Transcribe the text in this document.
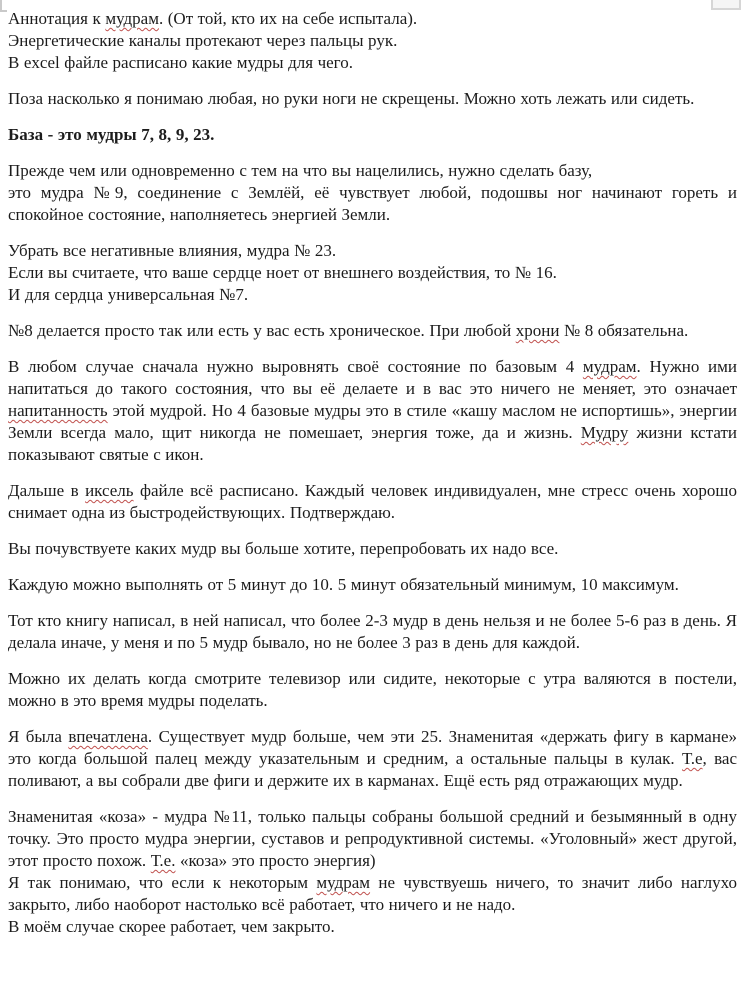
Аннотация к мудрам. (От той, кто их на себе испытала).
Энергетические каналы протекают через пальцы рук.
В excel файле расписано какие мудры для чего.

Поза насколько я понимаю любая, но руки ноги не скрещены. Можно хоть лежать или сидеть.

База - это мудры 7, 8, 9, 23.

Прежде чем или одновременно с тем на что вы нацелились, нужно сделать базу,

это мудра №9, соединение с Землёй, её чувствует любой, подошвы ног начинают гореть и спокойное состояние, наполняетесь энергией Земли.

Убрать все негативные влияния, мудра № 23.
Если вы считаете, что ваше сердце ноет от внешнего воздействия, то № 16.
И для сердца универсальная №7.

№8 делается просто так или есть у вас есть хроническое. При любой хрони № 8 обязательна.

В любом случае сначала нужно выровнять своё состояние по базовым 4 мудрам. Нужно ими напитаться до такого состояния, что вы её делаете и в вас это ничего не меняет, это означает напитанность этой мудрой. Но 4 базовые мудры это в стиле «кашу маслом не испортишь», энергии Земли всегда мало, щит никогда не помешает, энергия тоже, да и жизнь. Мудру жизни кстати показывают святые с икон.

Дальше в иксель файле всё расписано. Каждый человек индивидуален, мне стресс очень хорошо снимает одна из быстродействующих. Подтверждаю.

Вы почувствуете каких мудр вы больше хотите, перепробовать их надо все.

Каждую можно выполнять от 5 минут до 10. 5 минут обязательный минимум, 10 максимум.

Тот кто книгу написал, в ней написал, что более 2-3 мудр в день нельзя и не более 5-6 раз в день. Я делала иначе, у меня и по 5 мудр бывало, но не более 3 раз в день для каждой.

Можно их делать когда смотрите телевизор или сидите, некоторые с утра валяются в постели, можно в это время мудры поделать.

Я была впечатлена. Существует мудр больше, чем эти 25. Знаменитая «держать фигу в кармане» это когда большой палец между указательным и средним, а остальные пальцы в кулак. Т.е, вас поливают, а вы собрали две фиги и держите их в карманах. Ещё есть ряд отражающих мудр.

Знаменитая «коза» - мудра №11, только пальцы собраны большой средний и безымянный в одну точку. Это просто мудра энергии, суставов и репродуктивной системы. «Уголовный» жест другой, этот просто похож. Т.е. «коза» это просто энергия)

Я так понимаю, что если к некоторым мудрам не чувствуешь ничего, то значит либо наглухо закрыто, либо наоборот настолько всё работает, что ничего и не надо.

В моём случае скорее работает, чем закрыто.
